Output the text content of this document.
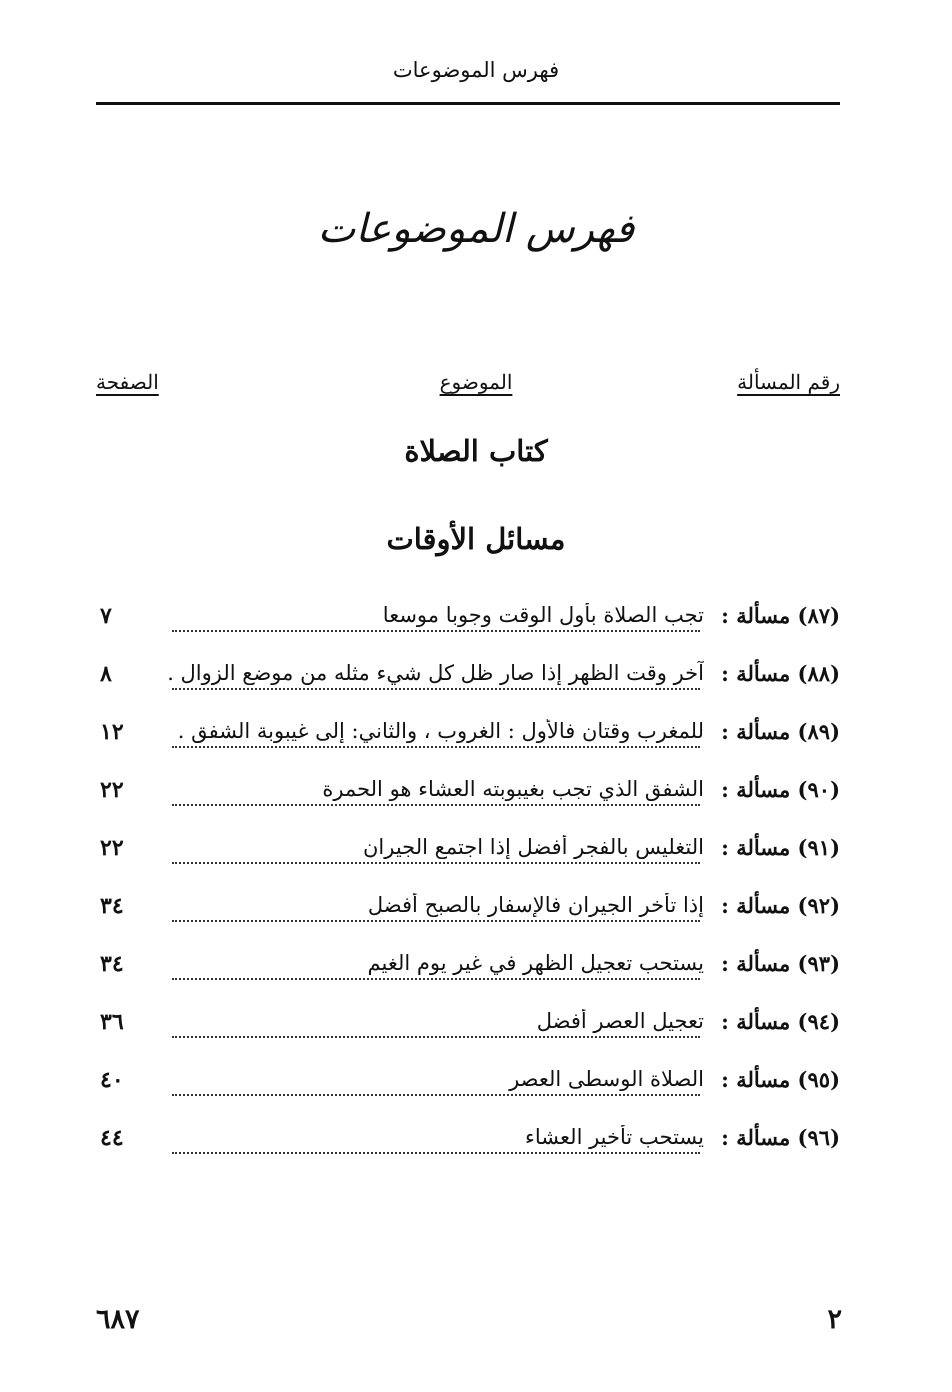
فهرس الموضوعات
فهرس الموضوعات
رقم المسألة
الموضوع
الصفحة
كتاب الصلاة
مسائل الأوقات
(٨٧) مسألة :
تجب الصلاة بأول الوقت وجوبا موسعا
٧
(٨٨) مسألة :
آخر وقت الظهر إذا صار ظل كل شيء مثله من موضع الزوال .
٨
(٨٩) مسألة :
للمغرب وقتان فالأول : الغروب ، والثاني: إلى غيبوبة الشفق .
١٢
(٩٠) مسألة :
الشفق الذي تجب بغيبوبته العشاء هو الحمرة
٢٢
(٩١) مسألة :
التغليس بالفجر أفضل إذا اجتمع الجيران
٢٢
(٩٢) مسألة :
إذا تأخر الجيران فالإسفار بالصبح أفضل
٣٤
(٩٣) مسألة :
يستحب تعجيل الظهر في غير يوم الغيم
٣٤
(٩٤) مسألة :
تعجيل العصر أفضل
٣٦
(٩٥) مسألة :
الصلاة الوسطى العصر
٤٠
(٩٦) مسألة :
يستحب تأخير العشاء
٤٤
٢
٦٨٧
